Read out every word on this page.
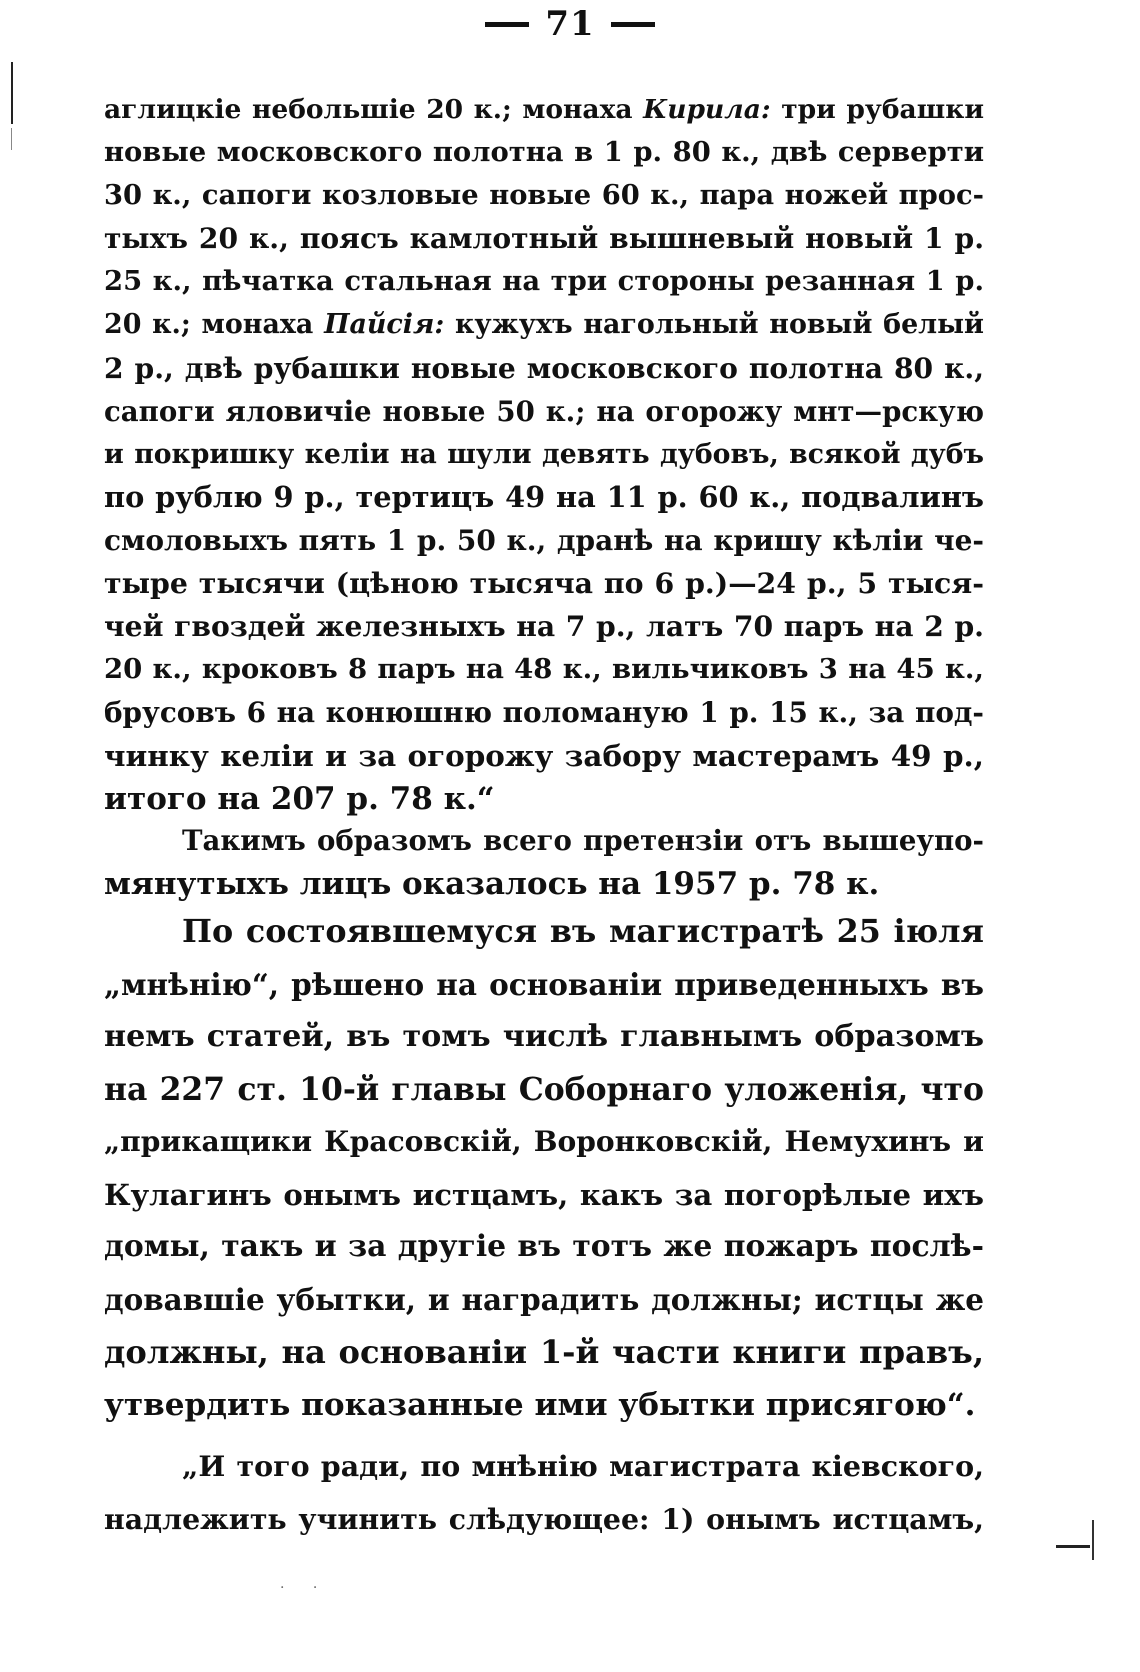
71
аглицкіе небольшіе 20 к.; монаха Кирила: три рубашки
новые московского полотна в 1 р. 80 к., двѣ серверти
30 к., сапоги козловые новые 60 к., пара ножей прос-
тыхъ 20 к., поясъ камлотный вышневый новый 1 р.
25 к., пѣчатка стальная на три стороны резанная 1 р.
20 к.; монаха Пайсія: кужухъ нагольный новый белый
2 р., двѣ рубашки новые московского полотна 80 к.,
сапоги яловичіе новые 50 к.; на огорожу мнт—рскую
и покришку келіи на шули девять дубовъ, всякой дубъ
по рублю 9 р., тертицъ 49 на 11 р. 60 к., подвалинъ
смоловыхъ пять 1 р. 50 к., дранѣ на кришу кѣліи че-
тыре тысячи (цѣною тысяча по 6 р.)—24 р., 5 тыся-
чей гвоздей железныхъ на 7 р., латъ 70 паръ на 2 р.
20 к., кроковъ 8 паръ на 48 к., вильчиковъ 3 на 45 к.,
брусовъ 6 на конюшню поломаную 1 р. 15 к., за под-
чинку келіи и за огорожу забору мастерамъ 49 р.,
итого на 207 р. 78 к.“
Такимъ образомъ всего претензіи отъ вышеупо-
мянутыхъ лицъ оказалось на 1957 р. 78 к.
По состоявшемуся въ магистратѣ 25 іюля
„мнѣнію“, рѣшено на основаніи приведенныхъ въ
немъ статей, въ томъ числѣ главнымъ образомъ
на 227 ст. 10-й главы Соборнаго уложенія, что
„прикащики Красовскій, Воронковскій, Немухинъ и
Кулагинъ онымъ истцамъ, какъ за погорѣлые ихъ
домы, такъ и за другіе въ тотъ же пожаръ послѣ-
довавшіе убытки, и наградить должны; истцы же
должны, на основаніи 1-й части книги правъ,
утвердить показанные ими убытки присягою“.
„И того ради, по мнѣнію магистрата кіевского,
надлежить учинить слѣдующее: 1) онымъ истцамъ,
· ·
